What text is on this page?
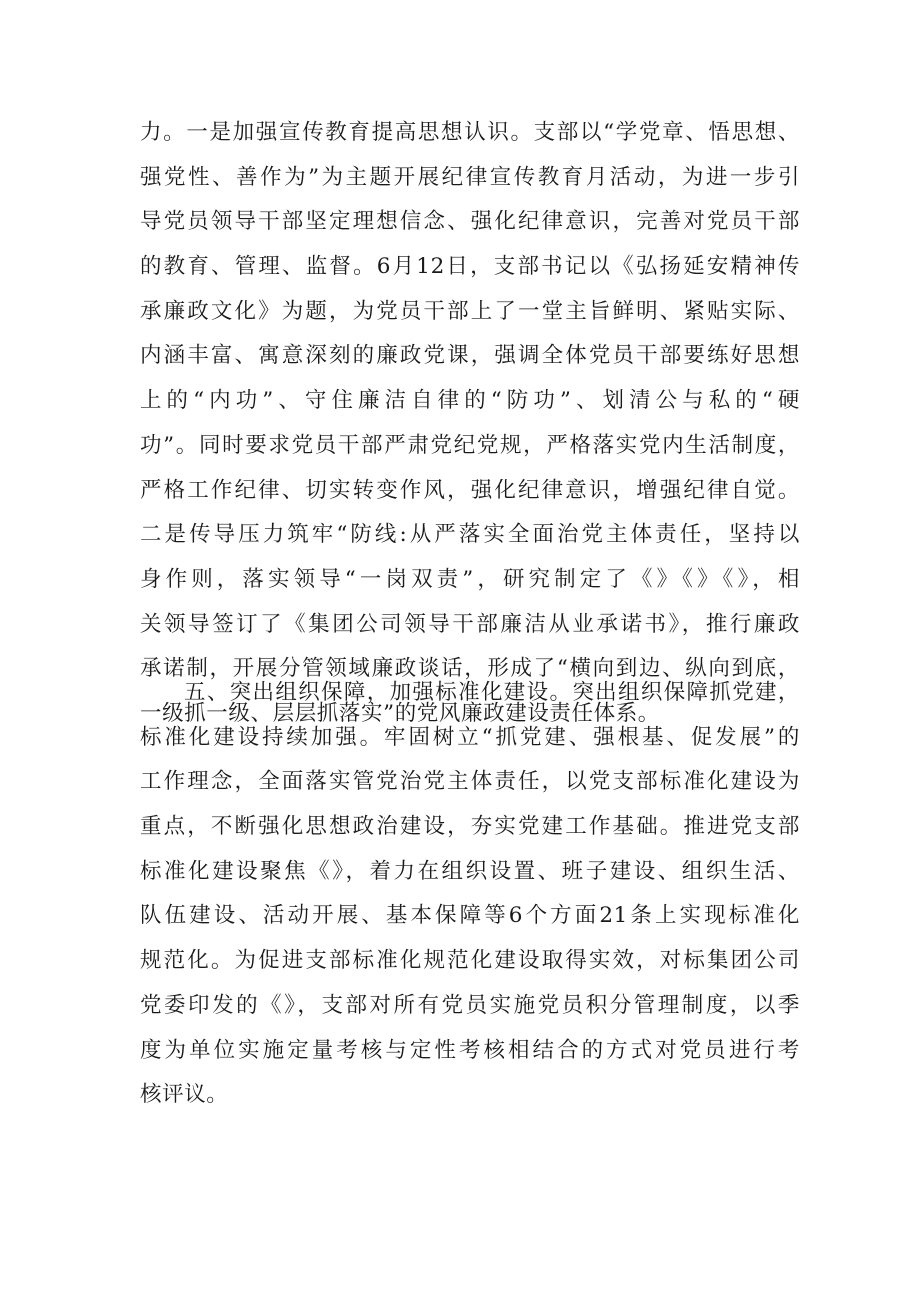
力。一是加强宣传教育提高思想认识。支部以“学党章、悟思想、
强党性、善作为”为主题开展纪律宣传教育月活动，为进一步引
导党员领导干部坚定理想信念、强化纪律意识，完善对党员干部
的教育、管理、监督。6月12日，支部书记以《弘扬延安精神传
承廉政文化》为题，为党员干部上了一堂主旨鲜明、紧贴实际、
内涵丰富、寓意深刻的廉政党课，强调全体党员干部要练好思想
上的“内功”、守住廉洁自律的“防功”、划清公与私的“硬
功”。同时要求党员干部严肃党纪党规，严格落实党内生活制度，
严格工作纪律、切实转变作风，强化纪律意识，增强纪律自觉。
二是传导压力筑牢“防线:从严落实全面治党主体责任，坚持以
身作则，落实领导“一岗双责”，研究制定了《》《》《》，相
关领导签订了《集团公司领导干部廉洁从业承诺书》，推行廉政
承诺制，开展分管领域廉政谈话，形成了“横向到边、纵向到底，
一级抓一级、层层抓落实”的党风廉政建设责任体系。
五、突出组织保障，加强标准化建设。突出组织保障抓党建，
标准化建设持续加强。牢固树立“抓党建、强根基、促发展”的
工作理念，全面落实管党治党主体责任，以党支部标准化建设为
重点，不断强化思想政治建设，夯实党建工作基础。推进党支部
标准化建设聚焦《》，着力在组织设置、班子建设、组织生活、
队伍建设、活动开展、基本保障等6个方面21条上实现标准化
规范化。为促进支部标准化规范化建设取得实效，对标集团公司
党委印发的《》，支部对所有党员实施党员积分管理制度，以季
度为单位实施定量考核与定性考核相结合的方式对党员进行考
核评议。
